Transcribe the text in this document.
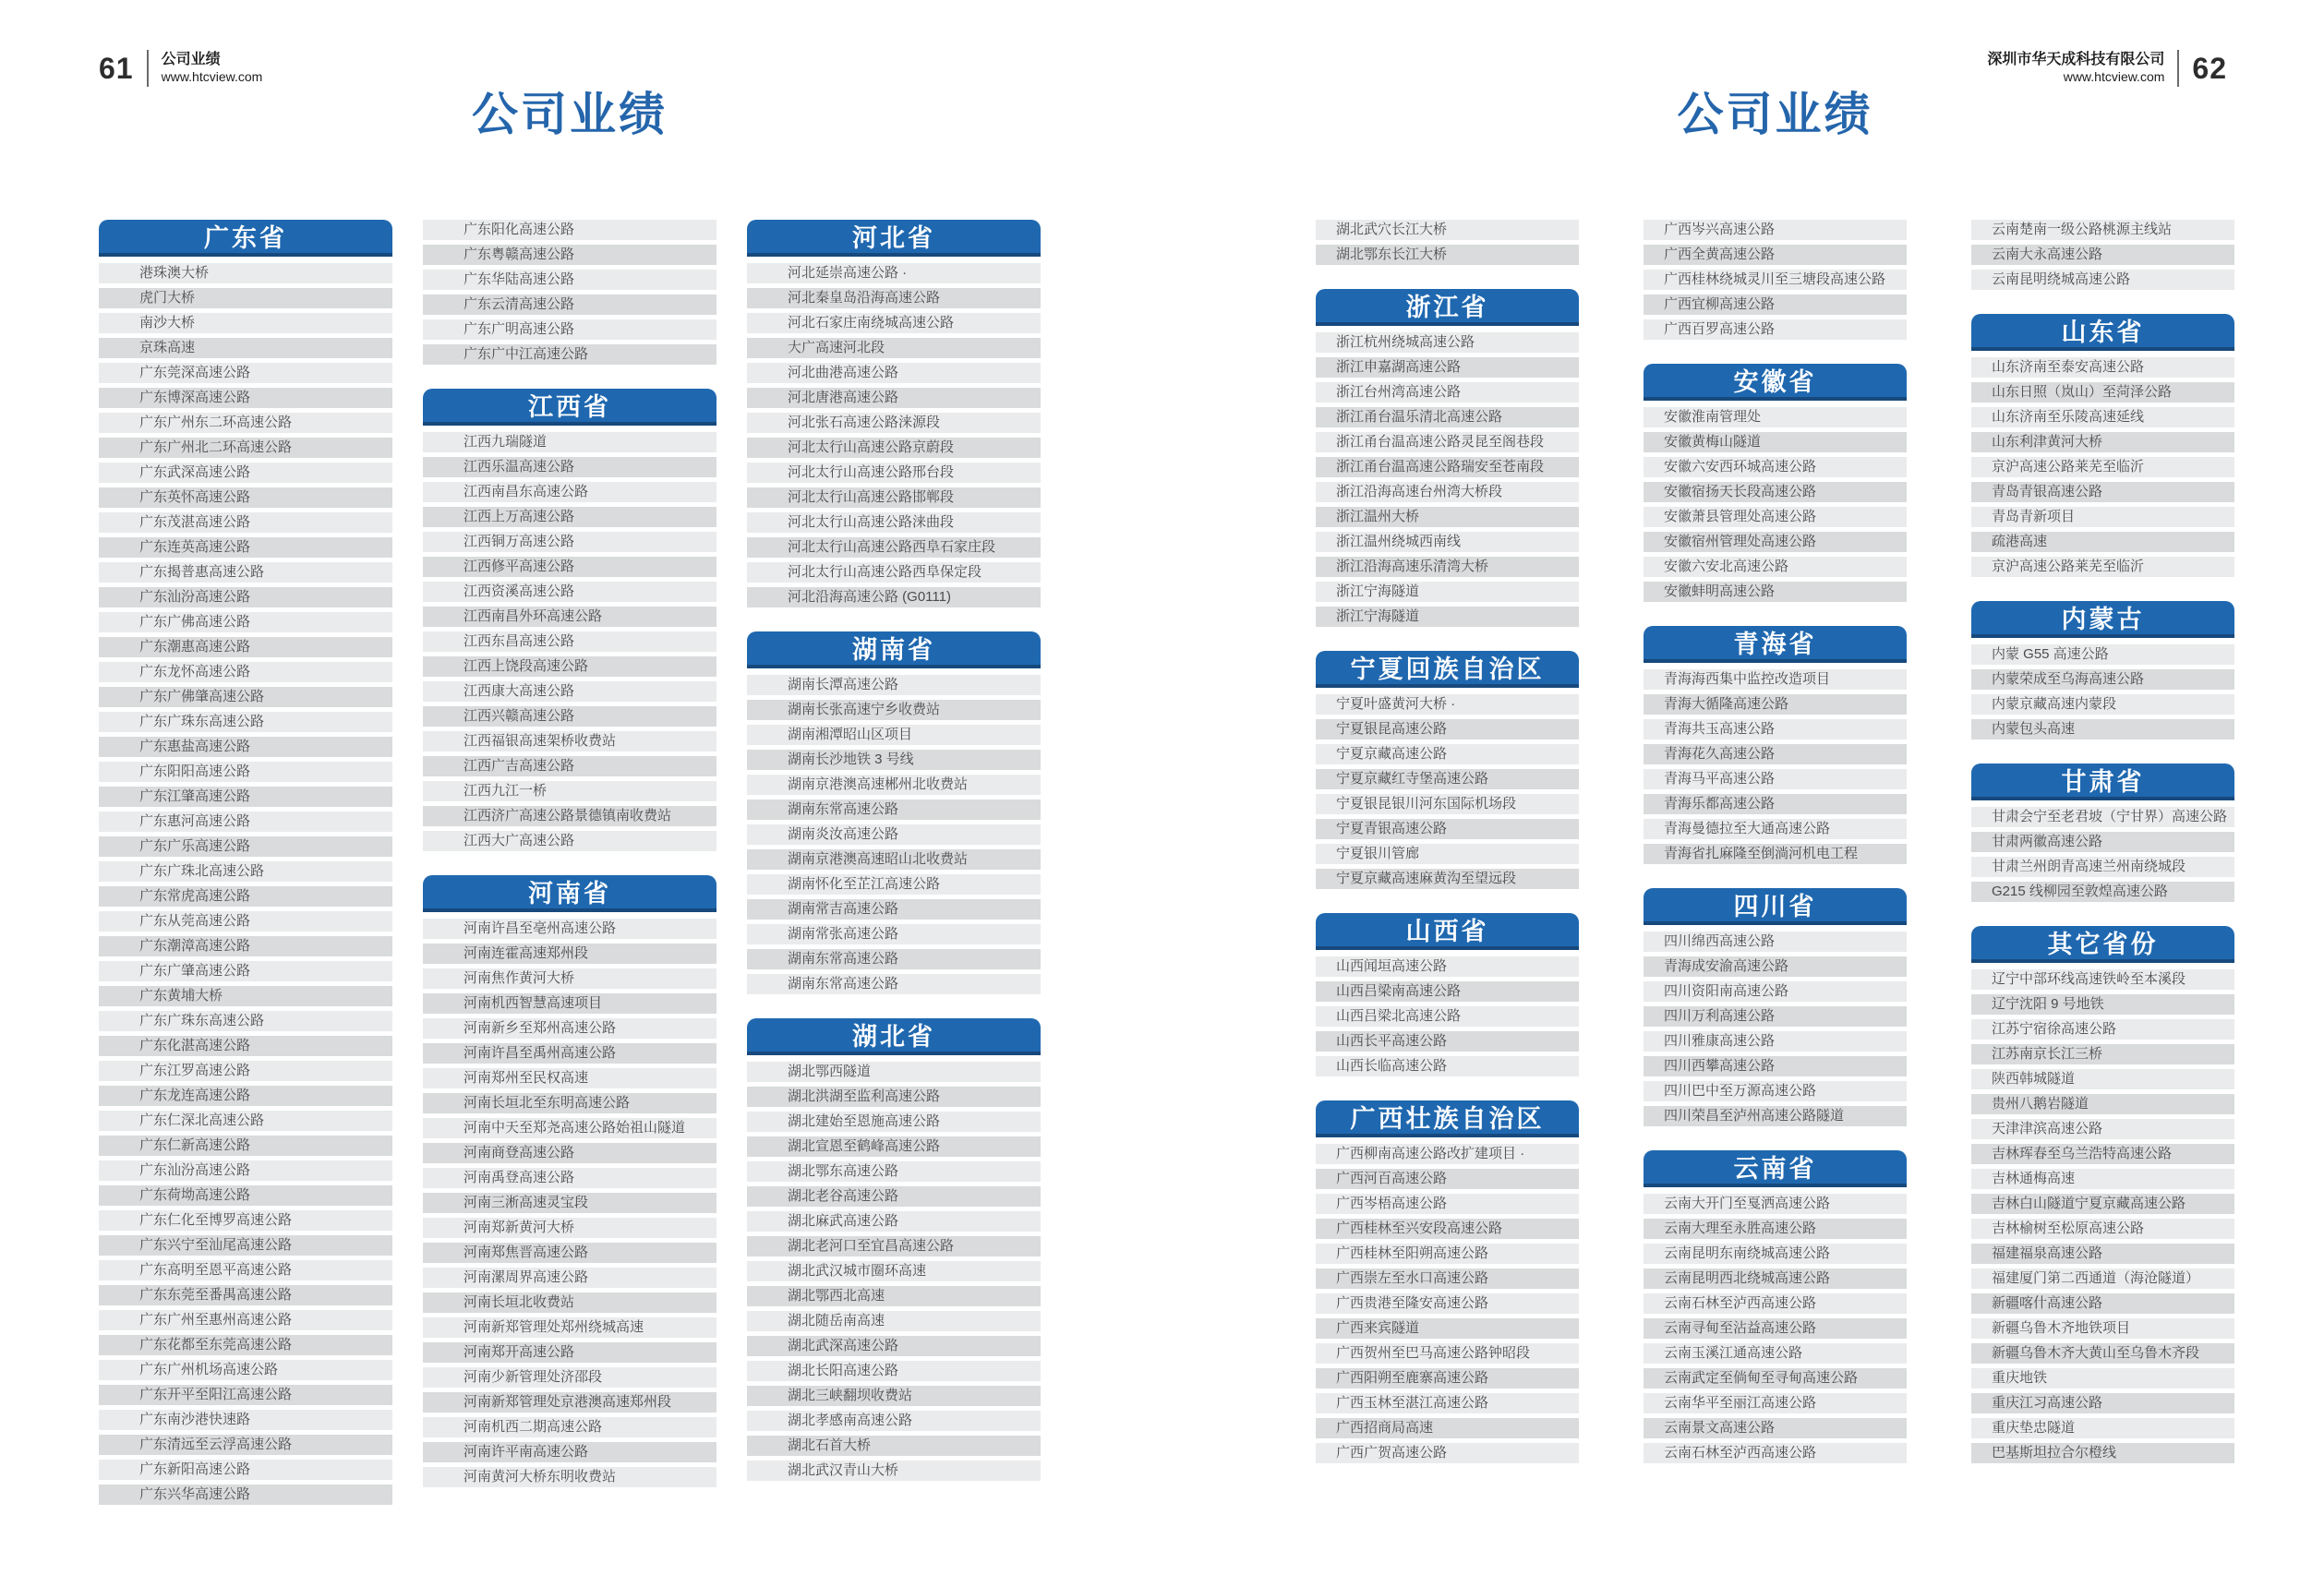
61 公司业绩
www.htcview.com
深圳市华天成科技有限公司
www.htcview.com 62
公司业绩	公司业绩
广东省
港珠澳大桥
虎门大桥
南沙大桥
京珠高速
广东莞深高速公路
广东博深高速公路
广东广州东二环高速公路
广东广州北二环高速公路
广东武深高速公路
广东英怀高速公路
广东茂湛高速公路
广东连英高速公路
广东揭普惠高速公路
广东汕汾高速公路
广东广佛高速公路
广东潮惠高速公路
广东龙怀高速公路
广东广佛肇高速公路
广东广珠东高速公路
广东惠盐高速公路
广东阳阳高速公路
广东江肇高速公路
广东惠河高速公路
广东广乐高速公路
广东广珠北高速公路
广东常虎高速公路
广东从莞高速公路
广东潮漳高速公路
广东广肇高速公路
广东黄埔大桥
广东广珠东高速公路
广东化湛高速公路
广东江罗高速公路
广东龙连高速公路
广东仁深北高速公路
广东仁新高速公路
广东汕汾高速公路
广东荷坳高速公路
广东仁化至博罗高速公路
广东兴宁至汕尾高速公路
广东高明至恩平高速公路
广东东莞至番禺高速公路
广东广州至惠州高速公路
广东花都至东莞高速公路
广东广州机场高速公路
广东开平至阳江高速公路
广东南沙港快速路
广东清远至云浮高速公路
广东新阳高速公路
广东兴华高速公路
广东阳化高速公路
广东粤赣高速公路
广东华陆高速公路
广东云清高速公路
广东广明高速公路
广东广中江高速公路
江西省
江西九瑞隧道
江西乐温高速公路
江西南昌东高速公路
江西上万高速公路
江西铜万高速公路
江西修平高速公路
江西资溪高速公路
江西南昌外环高速公路
江西东昌高速公路
江西上饶段高速公路
江西康大高速公路
江西兴赣高速公路
江西福银高速架桥收费站
江西广吉高速公路
江西九江一桥
江西济广高速公路景德镇南收费站
江西大广高速公路
河南省
河南许昌至亳州高速公路
河南连霍高速郑州段
河南焦作黄河大桥
河南机西智慧高速项目
河南新乡至郑州高速公路
河南许昌至禹州高速公路
河南郑州至民权高速
河南长垣北至东明高速公路
河南中天至郑尧高速公路始祖山隧道
河南商登高速公路
河南禹登高速公路
河南三淅高速灵宝段
河南郑新黄河大桥
河南郑焦晋高速公路
河南漯周界高速公路
河南长垣北收费站
河南新郑管理处郑州绕城高速
河南郑开高速公路
河南少新管理处济邵段
河南新郑管理处京港澳高速郑州段
河南机西二期高速公路
河南许平南高速公路
河南黄河大桥东明收费站
河北省
河北延崇高速公路 ·
河北秦皇岛沿海高速公路
河北石家庄南绕城高速公路
大广高速河北段
河北曲港高速公路
河北唐港高速公路
河北张石高速公路涞源段
河北太行山高速公路京蔚段
河北太行山高速公路邢台段
河北太行山高速公路邯郸段
河北太行山高速公路涞曲段
河北太行山高速公路西阜石家庄段
河北太行山高速公路西阜保定段
河北沿海高速公路 (G0111)
湖南省
湖南长潭高速公路
湖南长张高速宁乡收费站
湖南湘潭昭山区项目
湖南长沙地铁 3 号线
湖南京港澳高速郴州北收费站
湖南东常高速公路
湖南炎汝高速公路
湖南京港澳高速昭山北收费站
湖南怀化至芷江高速公路
湖南常吉高速公路
湖南常张高速公路
湖南东常高速公路
湖南东常高速公路
湖北省
湖北鄂西隧道
湖北洪湖至监利高速公路
湖北建始至恩施高速公路
湖北宣恩至鹤峰高速公路
湖北鄂东高速公路
湖北老谷高速公路
湖北麻武高速公路
湖北老河口至宜昌高速公路
湖北武汉城市圈环高速
湖北鄂西北高速
湖北随岳南高速
湖北武深高速公路
湖北长阳高速公路
湖北三峡翻坝收费站
湖北孝感南高速公路
湖北石首大桥
湖北武汉青山大桥
湖北武穴长江大桥
湖北鄂东长江大桥
浙江省
浙江杭州绕城高速公路
浙江申嘉湖高速公路
浙江台州湾高速公路
浙江甬台温乐清北高速公路
浙江甬台温高速公路灵昆至阁巷段
浙江甬台温高速公路瑞安至苍南段
浙江沿海高速台州湾大桥段
浙江温州大桥
浙江温州绕城西南线
浙江沿海高速乐清湾大桥
浙江宁海隧道
浙江宁海隧道
宁夏回族自治区
宁夏叶盛黄河大桥 ·
宁夏银昆高速公路
宁夏京藏高速公路
宁夏京藏红寺堡高速公路
宁夏银昆银川河东国际机场段
宁夏青银高速公路
宁夏银川管廊
宁夏京藏高速麻黄沟至望远段
山西省
山西闻垣高速公路
山西吕梁南高速公路
山西吕梁北高速公路
山西长平高速公路
山西长临高速公路
广西壮族自治区
广西柳南高速公路改扩建项目 ·
广西河百高速公路
广西岑梧高速公路
广西桂林至兴安段高速公路
广西桂林至阳朔高速公路
广西崇左至水口高速公路
广西贵港至隆安高速公路
广西来宾隧道
广西贺州至巴马高速公路钟昭段
广西阳朔至鹿寨高速公路
广西玉林至湛江高速公路
广西招商局高速
广西广贺高速公路
广西岑兴高速公路
广西全黄高速公路
广西桂林绕城灵川至三塘段高速公路
广西宜柳高速公路
广西百罗高速公路
安徽省
安徽淮南管理处
安徽黄梅山隧道
安徽六安西环城高速公路
安徽宿扬天长段高速公路
安徽萧县管理处高速公路
安徽宿州管理处高速公路
安徽六安北高速公路
安徽蚌明高速公路
青海省
青海海西集中监控改造项目
青海大循隆高速公路
青海共玉高速公路
青海花久高速公路
青海马平高速公路
青海乐都高速公路
青海曼德拉至大通高速公路
青海省扎麻隆至倒淌河机电工程
四川省
四川绵西高速公路
青海成安渝高速公路
四川资阳南高速公路
四川万利高速公路
四川雅康高速公路
四川西攀高速公路
四川巴中至万源高速公路
四川荣昌至泸州高速公路隧道
云南省
云南大开门至戛洒高速公路
云南大理至永胜高速公路
云南昆明东南绕城高速公路
云南昆明西北绕城高速公路
云南石林至泸西高速公路
云南寻甸至沾益高速公路
云南玉溪江通高速公路
云南武定至倘甸至寻甸高速公路
云南华平至丽江高速公路
云南景文高速公路
云南石林至泸西高速公路
云南楚南一级公路桃源主线站
云南大永高速公路
云南昆明绕城高速公路
山东省
山东济南至泰安高速公路
山东日照（岚山）至菏泽公路
山东济南至乐陵高速延线
山东利津黄河大桥
京沪高速公路莱芜至临沂
青岛青银高速公路
青岛青新项目
疏港高速
京沪高速公路莱芜至临沂
内蒙古
内蒙 G55 高速公路
内蒙荣成至乌海高速公路
内蒙京藏高速内蒙段
内蒙包头高速
甘肃省
甘肃会宁至老君坡（宁甘界）高速公路
甘肃两徽高速公路
甘肃兰州朗青高速兰州南绕城段
G215 线柳园至敦煌高速公路
其它省份
辽宁中部环线高速铁岭至本溪段
辽宁沈阳 9 号地铁
江苏宁宿徐高速公路
江苏南京长江三桥
陕西韩城隧道
贵州八鹅岩隧道
天津津滨高速公路
吉林珲春至乌兰浩特高速公路
吉林通梅高速
吉林白山隧道宁夏京藏高速公路
吉林榆树至松原高速公路
福建福泉高速公路
福建厦门第二西通道（海沧隧道）
新疆喀什高速公路
新疆乌鲁木齐地铁项目
新疆乌鲁木齐大黄山至乌鲁木齐段
重庆地铁
重庆江习高速公路
重庆垫忠隧道
巴基斯坦拉合尔橙线
